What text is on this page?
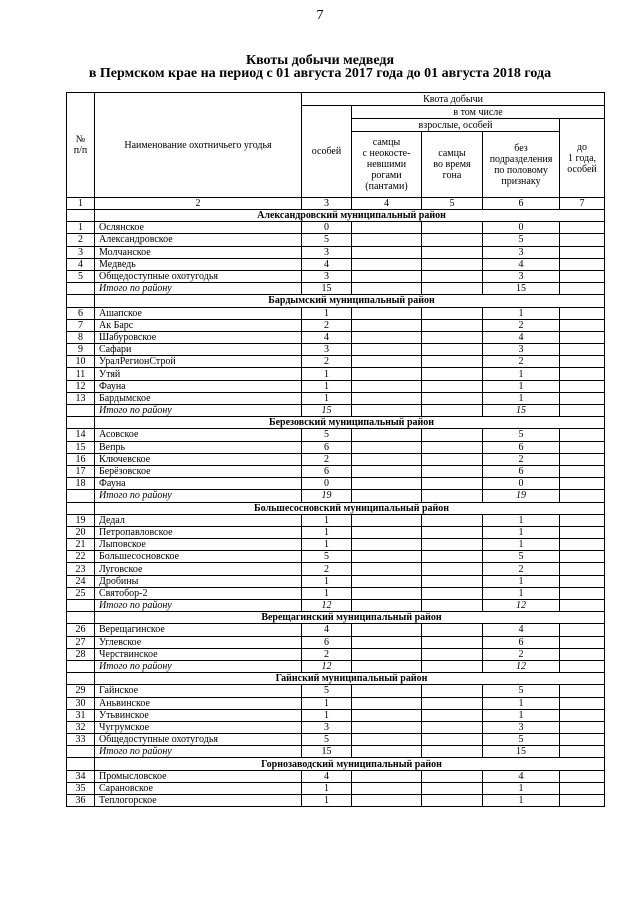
7
Квоты добычи медведя
в Пермском крае на период с 01 августа 2017 года до 01 августа 2018 года
№
п/п	Наименование охотничьего угодья	Квота добычи				
		особей	в том числе			
			взрослые, особей			до
1 года,
особей
			самцы
с неокосте-
невшими
рогами
(пантами)	самцы
во время
гона	без
подразделения
по половому
признаку	
1	2	3	4	5	6	7
	Александровский муниципальный район					
1	Ослянское	0			0	
2	Александровское	5			5	
3	Молчанское	3			3	
4	Медведь	4			4	
5	Общедоступные охотугодья	3			3	
	Итого по району	15			15	
	Бардымский муниципальный район					
6	Ашапское	1			1	
7	Ак Барс	2			2	
8	Шабуровское	4			4	
9	Сафари	3			3	
10	УралРегионСтрой	2			2	
11	Утяй	1			1	
12	Фауна	1			1	
13	Бардымское	1			1	
	Итого по району	15			15	
	Березовский муниципальный район					
14	Асовское	5			5	
15	Вепрь	6			6	
16	Ключевское	2			2	
17	Берёзовское	6			6	
18	Фауна	0			0	
	Итого по району	19			19	
	Большесосновский муниципальный район					
19	Дедал	1			1	
20	Петропавловское	1			1	
21	Лыповское	1			1	
22	Большесосновское	5			5	
23	Луговское	2			2	
24	Дробины	1			1	
25	Святобор-2	1			1	
	Итого по району	12			12	
	Верещагинский муниципальный район					
26	Верещагинское	4			4	
27	Углевское	6			6	
28	Черствинское	2			2	
	Итого по району	12			12	
	Гайнский муниципальный район					
29	Гайнское	5			5	
30	Аньвинское	1			1	
31	Утьвинское	1			1	
32	Чугрумское	3			3	
33	Общедоступные охотугодья	5			5	
	Итого по району	15			15	
	Горнозаводский муниципальный район					
34	Промысловское	4			4	
35	Сарановское	1			1	
36	Теплогорское	1			1	
